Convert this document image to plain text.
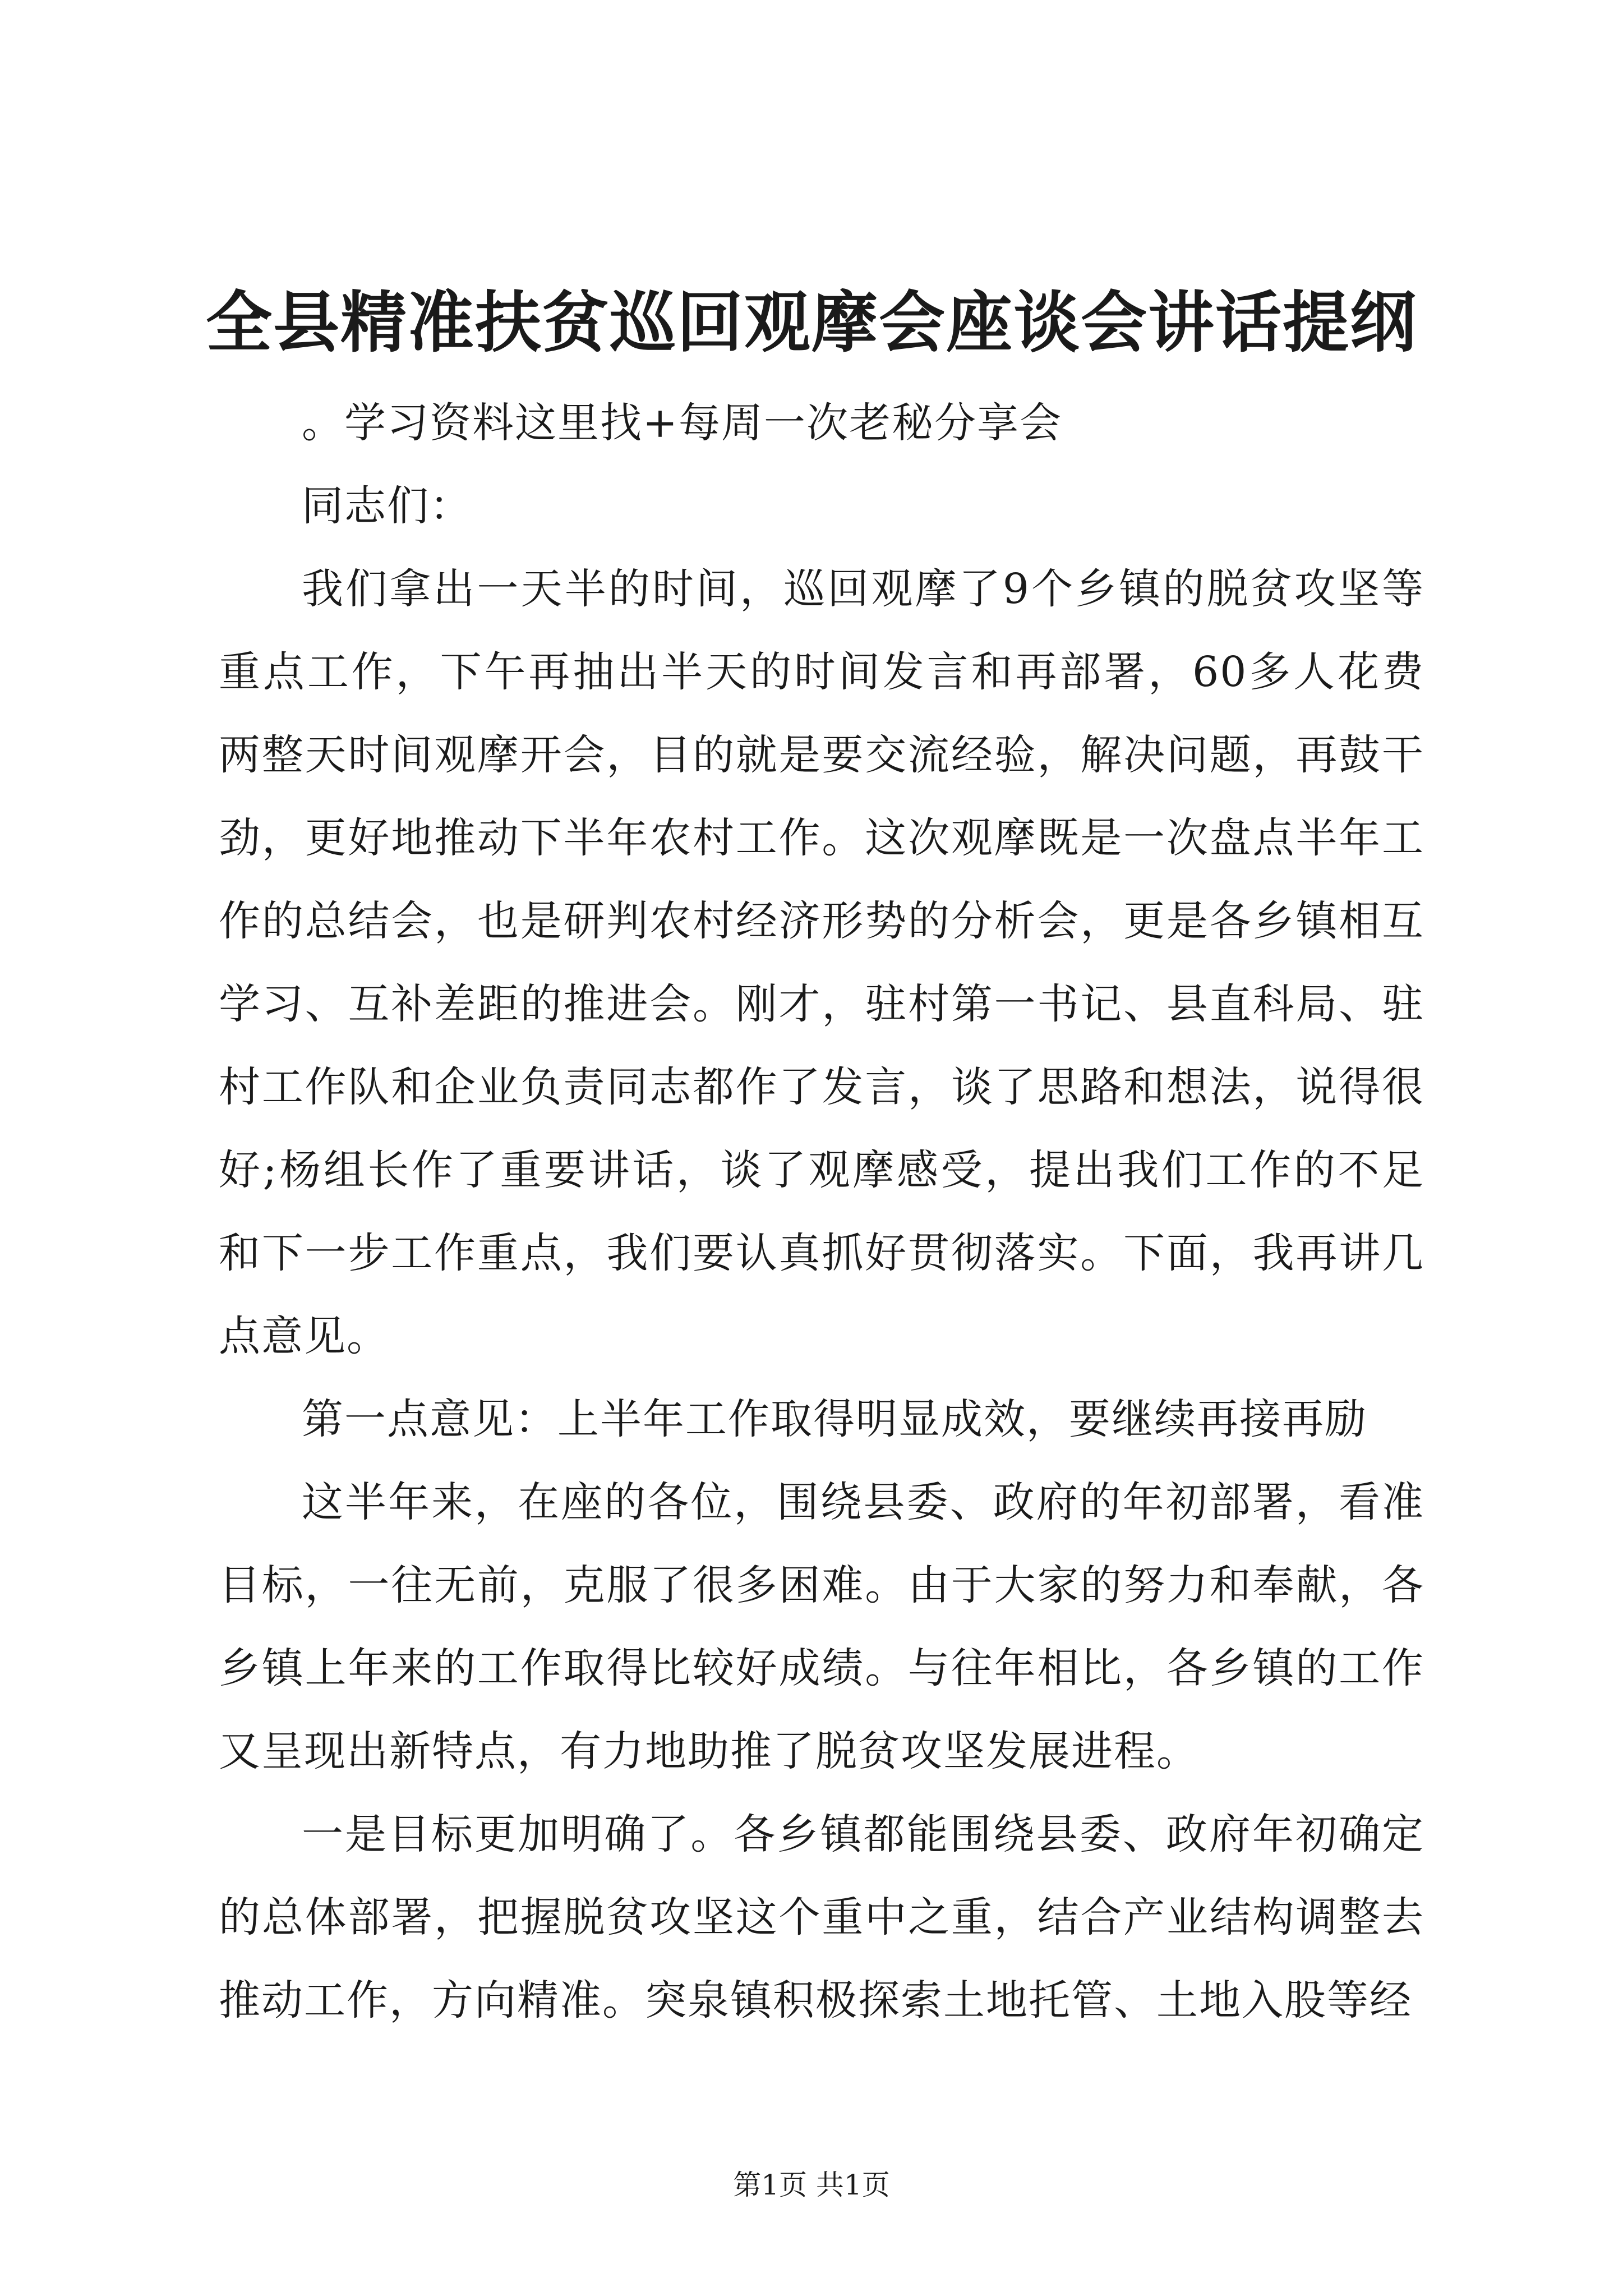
全县精准扶贫巡回观摩会座谈会讲话提纲

。学习资料这里找+每周一次老秘分享会

同志们：

我们拿出一天半的时间，巡回观摩了9个乡镇的脱贫攻坚等重点工作，下午再抽出半天的时间发言和再部署，60多人花费两整天时间观摩开会，目的就是要交流经验，解决问题，再鼓干劲，更好地推动下半年农村工作。这次观摩既是一次盘点半年工作的总结会，也是研判农村经济形势的分析会，更是各乡镇相互学习、互补差距的推进会。刚才，驻村第一书记、县直科局、驻村工作队和企业负责同志都作了发言，谈了思路和想法，说得很好;杨组长作了重要讲话，谈了观摩感受，提出我们工作的不足和下一步工作重点，我们要认真抓好贯彻落实。下面，我再讲几点意见。

第一点意见：上半年工作取得明显成效，要继续再接再励

这半年来，在座的各位，围绕县委、政府的年初部署，看准目标，一往无前，克服了很多困难。由于大家的努力和奉献，各乡镇上年来的工作取得比较好成绩。与往年相比，各乡镇的工作又呈现出新特点，有力地助推了脱贫攻坚发展进程。

一是目标更加明确了。各乡镇都能围绕县委、政府年初确定的总体部署，把握脱贫攻坚这个重中之重，结合产业结构调整去推动工作，方向精准。突泉镇积极探索土地托管、土地入股等经

第1页 共1页
